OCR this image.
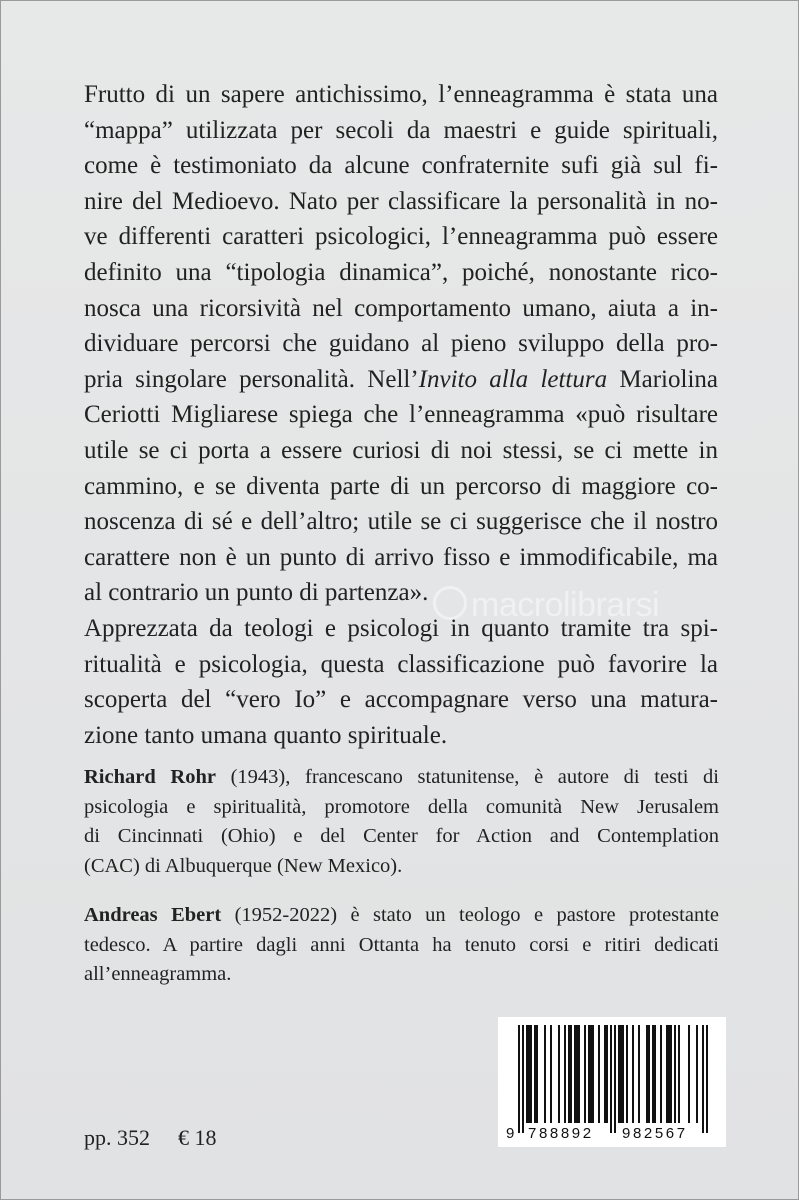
macrolibrarsi

Frutto di un sapere antichissimo, l’enneagramma è stata una
“mappa” utilizzata per secoli da maestri e guide spirituali,
come è testimoniato da alcune confraternite sufi già sul fi-
nire del Medioevo. Nato per classificare la personalità in no-
ve differenti caratteri psicologici, l’enneagramma può essere
definito una “tipologia dinamica”, poiché, nonostante rico-
nosca una ricorsività nel comportamento umano, aiuta a in-
dividuare percorsi che guidano al pieno sviluppo della pro-
pria singolare personalità. Nell’Invito alla lettura Mariolina
Ceriotti Migliarese spiega che l’enneagramma «può risultare
utile se ci porta a essere curiosi di noi stessi, se ci mette in
cammino, e se diventa parte di un percorso di maggiore co-
noscenza di sé e dell’altro; utile se ci suggerisce che il nostro
carattere non è un punto di arrivo fisso e immodificabile, ma
al contrario un punto di partenza».
Apprezzata da teologi e psicologi in quanto tramite tra spi-
ritualità e psicologia, questa classificazione può favorire la
scoperta del “vero Io” e accompagnare verso una matura-
zione tanto umana quanto spirituale.

Richard Rohr (1943), francescano statunitense, è autore di testi di
psicologia e spiritualità, promotore della comunità New Jerusalem
di Cincinnati (Ohio) e del Center for Action and Contemplation
(CAC) di Albuquerque (New Mexico).

Andreas Ebert (1952-2022) è stato un teologo e pastore protestante
tedesco. A partire dagli anni Ottanta ha tenuto corsi e ritiri dedicati
all’enneagramma.

pp. 352 € 18	9 788892 982567
